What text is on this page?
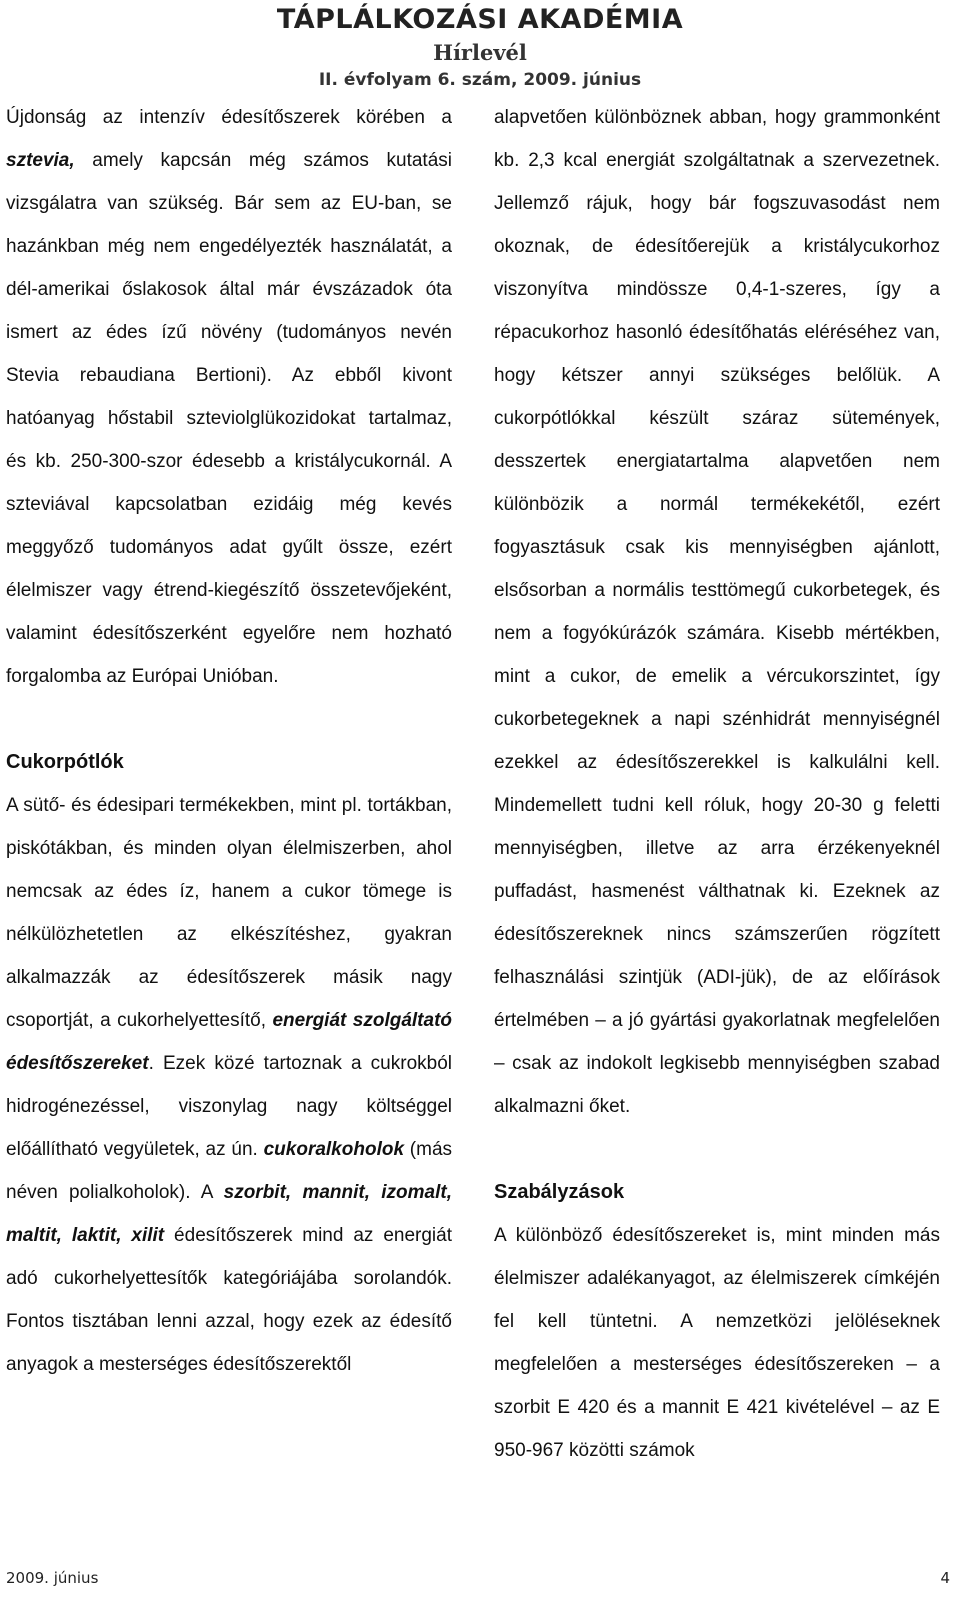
TÁPLÁLKOZÁSI AKADÉMIA
Hírlevél
II. évfolyam 6. szám, 2009. június

Újdonság az intenzív édesítőszerek körében a sztevia, amely kapcsán még számos kutatási vizsgálatra van szükség. Bár sem az EU-ban, se hazánkban még nem engedélyezték használatát, a dél-amerikai őslakosok által már évszázadok óta ismert az édes ízű növény (tudományos nevén Stevia rebaudiana Bertioni). Az ebből kivont hatóanyag hőstabil szteviolglükozidokat tartalmaz, és kb. 250-300-szor édesebb a kristálycukornál. A szteviával kapcsolatban ezidáig még kevés meggyőző tudományos adat gyűlt össze, ezért élelmiszer vagy étrend-kiegészítő összetevőjeként, valamint édesítőszerként egyelőre nem hozható forgalomba az Európai Unióban.

Cukorpótlók

A sütő- és édesipari termékekben, mint pl. tortákban, piskótákban, és minden olyan élelmiszerben, ahol nemcsak az édes íz, hanem a cukor tömege is nélkülözhetetlen az elkészítéshez, gyakran alkalmazzák az édesítőszerek másik nagy csoportját, a cukorhelyettesítő, energiát szolgáltató édesítőszereket. Ezek közé tartoznak a cukrokból hidrogénezéssel, viszonylag nagy költséggel előállítható vegyületek, az ún. cukoralkoholok (más néven polialkoholok). A szorbit, mannit, izomalt, maltit, laktit, xilit édesítőszerek mind az energiát adó cukorhelyettesítők kategóriájába sorolandók. Fontos tisztában lenni azzal, hogy ezek az édesítő anyagok a mesterséges édesítőszerektől

alapvetően különböznek abban, hogy grammonként kb. 2,3 kcal energiát szolgáltatnak a szervezetnek. Jellemző rájuk, hogy bár fogszuvasodást nem okoznak, de édesítőerejük a kristálycukorhoz viszonyítva mindössze 0,4-1-szeres, így a répacukorhoz hasonló édesítőhatás eléréséhez van, hogy kétszer annyi szükséges belőlük. A cukorpótlókkal készült száraz sütemények, desszertek energiatartalma alapvetően nem különbözik a normál termékekétől, ezért fogyasztásuk csak kis mennyiségben ajánlott, elsősorban a normális testtömegű cukorbetegek, és nem a fogyókúrázók számára. Kisebb mértékben, mint a cukor, de emelik a vércukorszintet, így cukorbetegeknek a napi szénhidrát mennyiségnél ezekkel az édesítőszerekkel is kalkulálni kell. Mindemellett tudni kell róluk, hogy 20-30 g feletti mennyiségben, illetve az arra érzékenyeknél puffadást, hasmenést válthatnak ki. Ezeknek az édesítőszereknek nincs számszerűen rögzített felhasználási szintjük (ADI-jük), de az előírások értelmében – a jó gyártási gyakorlatnak megfelelően – csak az indokolt legkisebb mennyiségben szabad alkalmazni őket.

Szabályzások

A különböző édesítőszereket is, mint minden más élelmiszer adalékanyagot, az élelmiszerek címkéjén fel kell tüntetni. A nemzetközi jelöléseknek megfelelően a mesterséges édesítőszereken – a szorbit E 420 és a mannit E 421 kivételével – az E 950-967 közötti számok

2009. június	4
